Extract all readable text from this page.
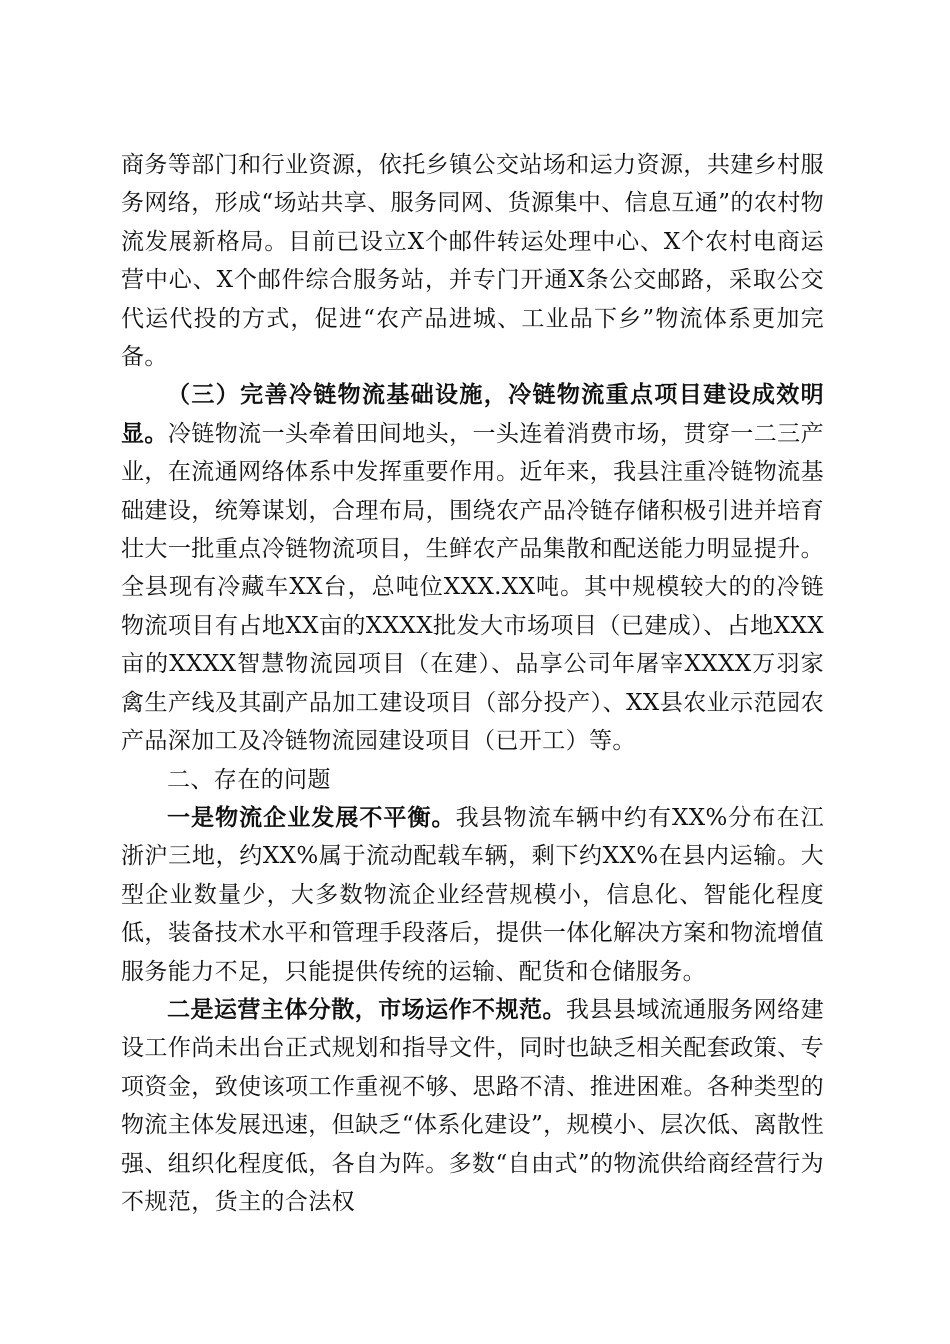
商务等部门和行业资源，依托乡镇公交站场和运力资源，共建乡村服务网络，形成“场站共享、服务同网、货源集中、信息互通”的农村物流发展新格局。目前已设立X个邮件转运处理中心、X个农村电商运营中心、X个邮件综合服务站，并专门开通X条公交邮路，采取公交代运代投的方式，促进“农产品进城、工业品下乡”物流体系更加完备。

（三）完善冷链物流基础设施，冷链物流重点项目建设成效明显。冷链物流一头牵着田间地头，一头连着消费市场，贯穿一二三产业，在流通网络体系中发挥重要作用。近年来，我县注重冷链物流基础建设，统筹谋划，合理布局，围绕农产品冷链存储积极引进并培育壮大一批重点冷链物流项目，生鲜农产品集散和配送能力明显提升。全县现有冷藏车XX台，总吨位XXX.XX吨。其中规模较大的的冷链物流项目有占地XX亩的XXXX批发大市场项目（已建成）、占地XXX亩的XXXX智慧物流园项目（在建）、品享公司年屠宰XXXX万羽家禽生产线及其副产品加工建设项目（部分投产）、XX县农业示范园农产品深加工及冷链物流园建设项目（已开工）等。

二、存在的问题

一是物流企业发展不平衡。我县物流车辆中约有XX%分布在江浙沪三地，约XX%属于流动配载车辆，剩下约XX%在县内运输。大型企业数量少，大多数物流企业经营规模小，信息化、智能化程度低，装备技术水平和管理手段落后，提供一体化解决方案和物流增值服务能力不足，只能提供传统的运输、配货和仓储服务。

二是运营主体分散，市场运作不规范。我县县域流通服务网络建设工作尚未出台正式规划和指导文件，同时也缺乏相关配套政策、专项资金，致使该项工作重视不够、思路不清、推进困难。各种类型的物流主体发展迅速，但缺乏“体系化建设”，规模小、层次低、离散性强、组织化程度低，各自为阵。多数“自由式”的物流供给商经营行为不规范，货主的合法权
